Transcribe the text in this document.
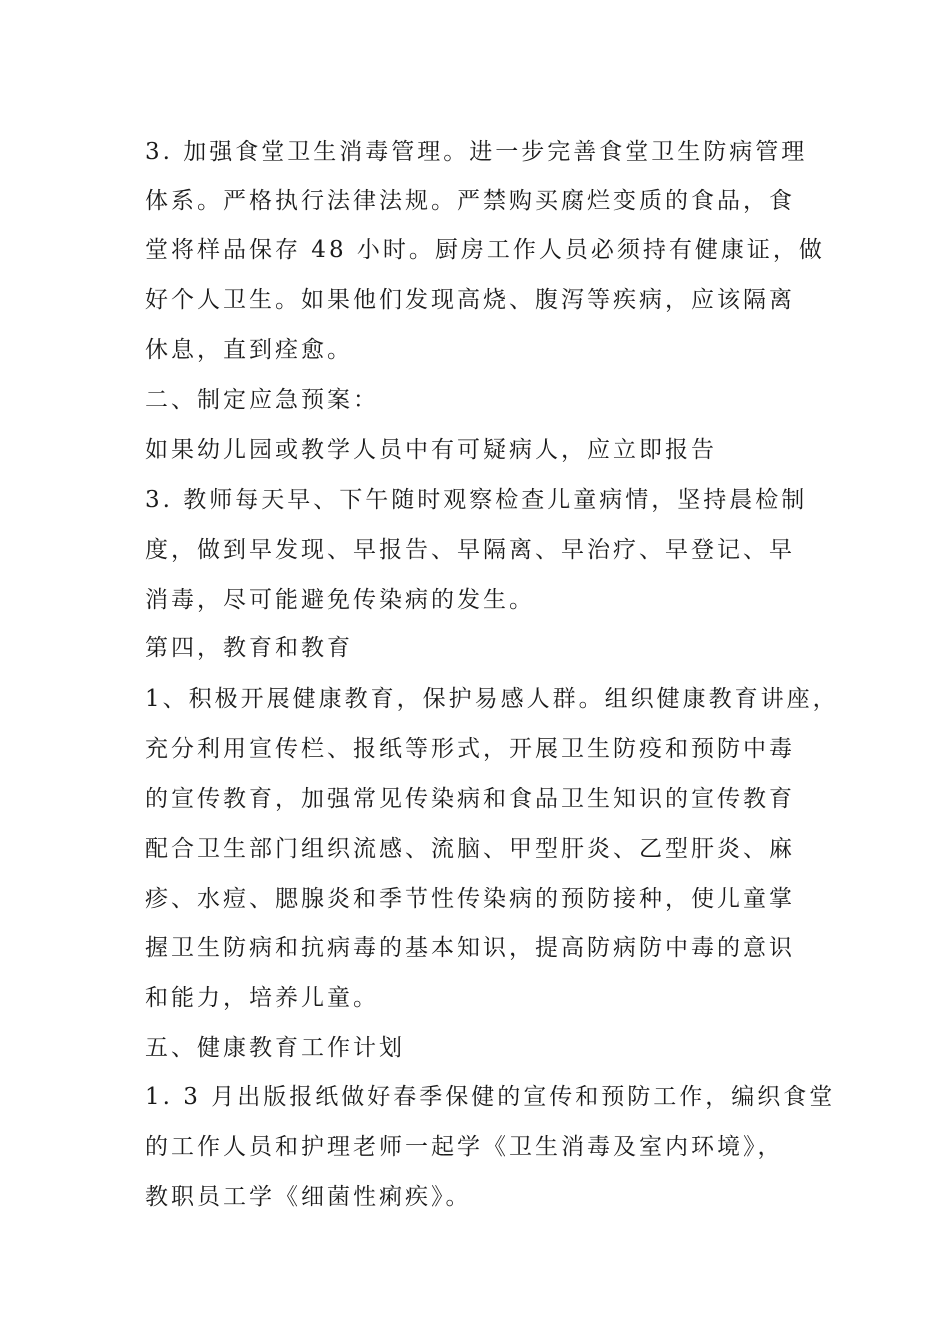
3. 加强食堂卫生消毒管理。进一步完善食堂卫生防病管理

体系。严格执行法律法规。严禁购买腐烂变质的食品，食

堂将样品保存 48 小时。厨房工作人员必须持有健康证，做

好个人卫生。如果他们发现高烧、腹泻等疾病，应该隔离

休息，直到痊愈。

二、制定应急预案：

如果幼儿园或教学人员中有可疑病人，应立即报告

3. 教师每天早、下午随时观察检查儿童病情，坚持晨检制

度，做到早发现、早报告、早隔离、早治疗、早登记、早

消毒，尽可能避免传染病的发生。

第四，教育和教育

1、积极开展健康教育，保护易感人群。组织健康教育讲座，

充分利用宣传栏、报纸等形式，开展卫生防疫和预防中毒

的宣传教育，加强常见传染病和食品卫生知识的宣传教育

配合卫生部门组织流感、流脑、甲型肝炎、乙型肝炎、麻

疹、水痘、腮腺炎和季节性传染病的预防接种，使儿童掌

握卫生防病和抗病毒的基本知识，提高防病防中毒的意识

和能力，培养儿童。

五、健康教育工作计划

1. 3 月出版报纸做好春季保健的宣传和预防工作，编织食堂

的工作人员和护理老师一起学《卫生消毒及室内环境》，

教职员工学《细菌性痢疾》。
